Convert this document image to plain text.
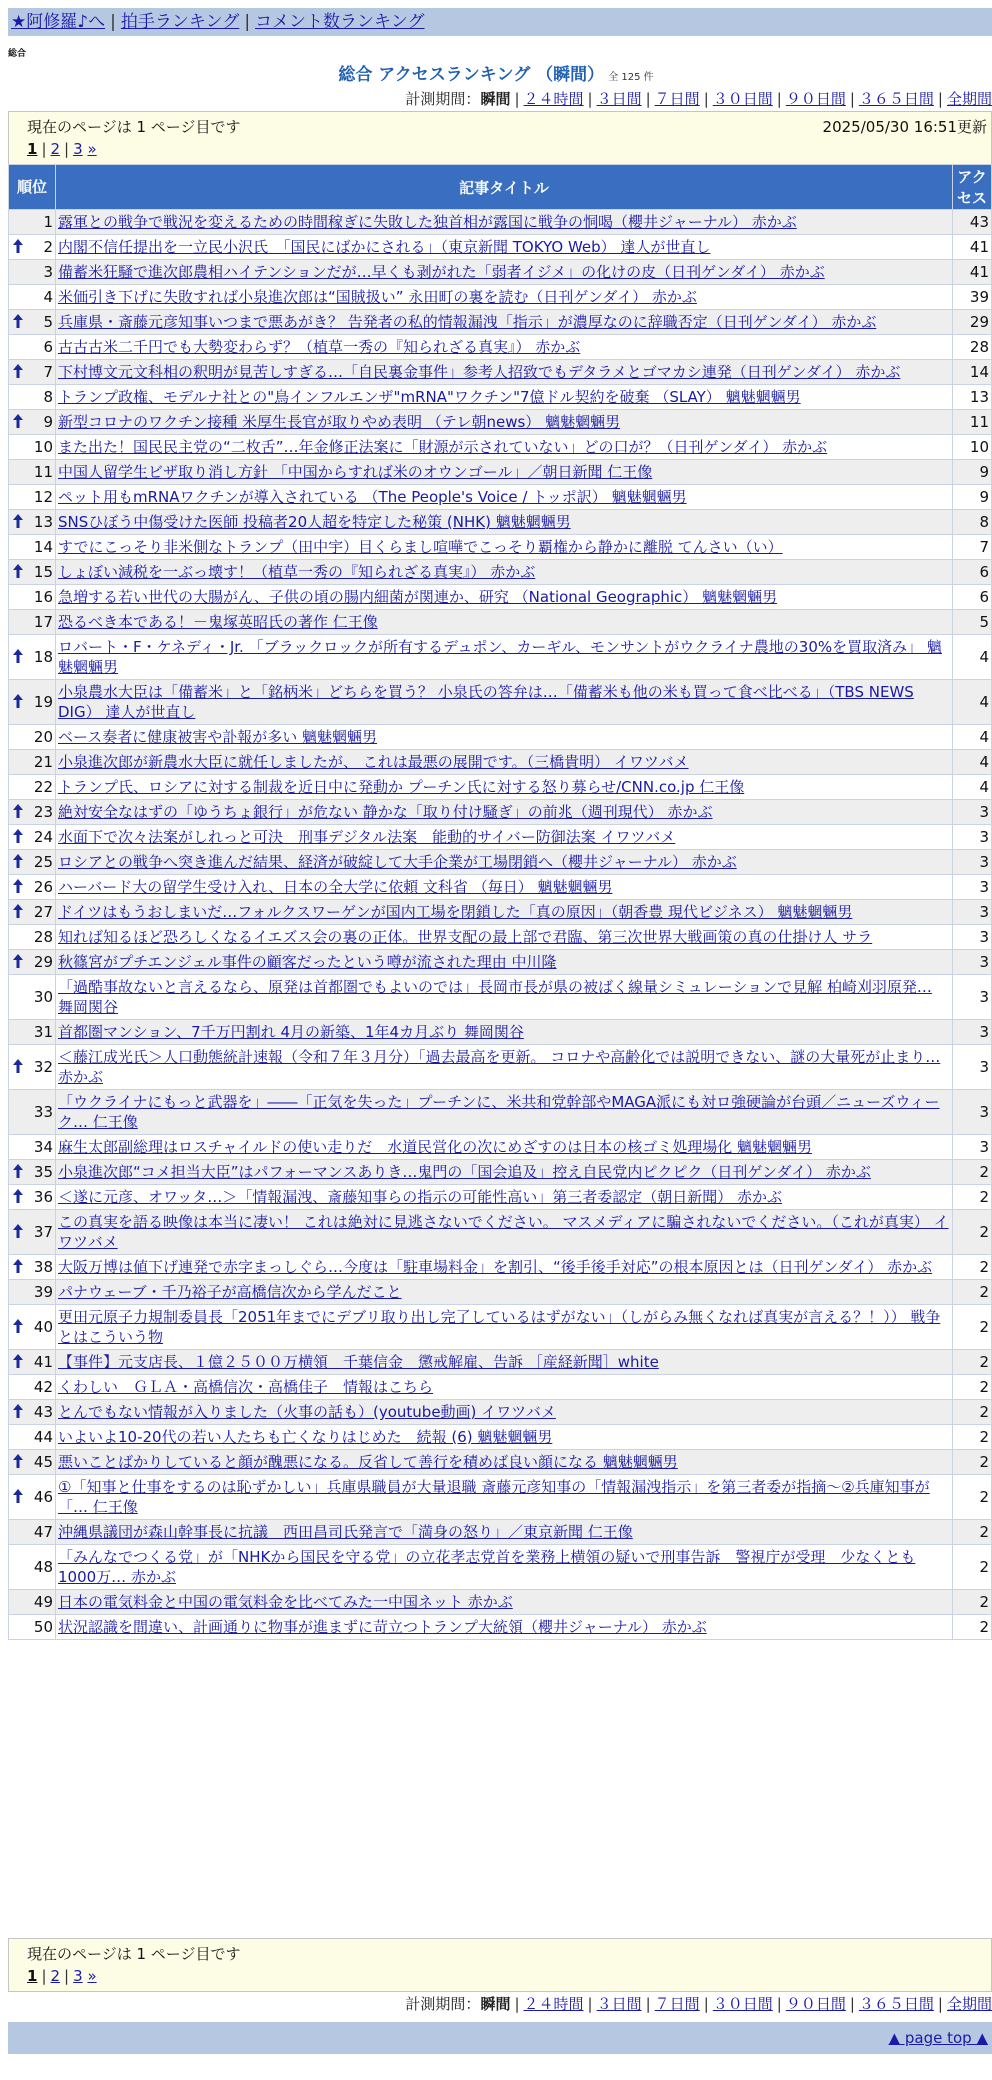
★阿修羅♪へ | 拍手ランキング | コメント数ランキング
総合
総合 アクセスランキング （瞬間） 全 125 件
計測期間：瞬間 | ２４時間 | ３日間 | ７日間 | ３０日間 | ９０日間 | ３６５日間 | 全期間
現在のページは 1 ページ目です	2025/05/30 16:51更新
1 | 2 | 3 »
順位	記事タイトル	アクセス
1	露軍との戦争で戦況を変えるための時間稼ぎに失敗した独首相が露国に戦争の恫喝（櫻井ジャーナル） 赤かぶ	43

2	内閣不信任提出を一立民小沢氏　「国民にばかにされる」（東京新聞 TOKYO Web） 達人が世直し	41
3	備蓄米狂騒で進次郎農相ハイテンションだが…早くも剥がれた「弱者イジメ」の化けの皮（日刊ゲンダイ） 赤かぶ	41
4	米価引き下げに失敗すれば小泉進次郎は“国賊扱い” 永田町の裏を読む（日刊ゲンダイ） 赤かぶ	39

5	兵庫県・斎藤元彦知事いつまで悪あがき？ 告発者の私的情報漏洩「指示」が濃厚なのに辞職否定（日刊ゲンダイ） 赤かぶ	29
6	古古古米二千円でも大勢変わらず？（植草一秀の『知られざる真実』） 赤かぶ	28

7	下村博文元文科相の釈明が見苦しすぎる…「自民裏金事件」参考人招致でもデタラメとゴマカシ連発（日刊ゲンダイ） 赤かぶ	14
8	トランプ政権、モデルナ社との"鳥インフルエンザ"mRNA"ワクチン"7億ドル契約を破棄 （SLAY） 魑魅魍魎男	13

9	新型コロナのワクチン接種 米厚生長官が取りやめ表明 （テレ朝news） 魑魅魍魎男	11
10	また出た！国民民主党の“二枚舌”…年金修正法案に「財源が示されていない」どの口が？（日刊ゲンダイ） 赤かぶ	10
11	中国人留学生ビザ取り消し方針 「中国からすれば米のオウンゴール」／朝日新聞 仁王像	9
12	ペット用もmRNAワクチンが導入されている （The People's Voice / トッポ訳） 魑魅魍魎男	9

13	SNSひぼう中傷受けた医師 投稿者20人超を特定した秘策 (NHK) 魑魅魍魎男	8
14	すでにこっそり非米側なトランプ（田中宇）目くらまし喧嘩でこっそり覇権から静かに離脱 てんさい（い）	7

15	しょぼい減税を一ぶっ壊す！（植草一秀の『知られざる真実』） 赤かぶ	6
16	急増する若い世代の大腸がん、子供の頃の腸内細菌が関連か、研究 （National Geographic） 魑魅魍魎男	6
17	恐るべき本である！－鬼塚英昭氏の著作 仁王像	5

18	ロバート・F・ケネディ・Jr. 「ブラックロックが所有するデュポン、カーギル、モンサントがウクライナ農地の30%を買取済み」 魑魅魍魎男	4

19	小泉農水大臣は「備蓄米」と「銘柄米」どちらを買う？ 小泉氏の答弁は…「備蓄米も他の米も買って食べ比べる」（TBS NEWS DIG） 達人が世直し	4
20	ベース奏者に健康被害や訃報が多い 魑魅魍魎男	4
21	小泉進次郎が新農水大臣に就任しましたが、 これは最悪の展開です。（三橋貴明） イワツバメ	4
22	トランプ氏、ロシアに対する制裁を近日中に発動か プーチン氏に対する怒り募らせ/CNN.co.jp 仁王像	4

23	絶対安全なはずの「ゆうちょ銀行」が危ない 静かな「取り付け騒ぎ」の前兆（週刊現代） 赤かぶ	3

24	水面下で次々法案がしれっと可決　刑事デジタル法案　能動的サイバー防御法案 イワツバメ	3

25	ロシアとの戦争へ突き進んだ結果、経済が破綻して大手企業が工場閉鎖へ（櫻井ジャーナル） 赤かぶ	3

26	ハーバード大の留学生受け入れ、日本の全大学に依頼 文科省 （毎日） 魑魅魍魎男	3

27	ドイツはもうおしまいだ…フォルクスワーゲンが国内工場を閉鎖した「真の原因」（朝香豊 現代ビジネス） 魑魅魍魎男	3
28	知れば知るほど恐ろしくなるイエズス会の裏の正体。世界支配の最上部で君臨、第三次世界大戦画策の真の仕掛け人 サラ	3

29	秋篠宮がプチエンジェル事件の顧客だったという噂が流された理由 中川隆	3
30	「過酷事故ないと言えるなら、原発は首都圏でもよいのでは」長岡市長が県の被ばく線量シミュレーションで見解 柏崎刈羽原発… 舞岡関谷	3
31	首都圏マンション、7千万円割れ 4月の新築、1年4カ月ぶり 舞岡関谷	3

32	＜藤江成光氏＞人口動態統計速報（令和７年３月分）「過去最高を更新。 コロナや高齢化では説明できない、謎の大量死が止まり… 赤かぶ	3
33	「ウクライナにもっと武器を」――「正気を失った」プーチンに、米共和党幹部やMAGA派にも対ロ強硬論が台頭／ニューズウィーク… 仁王像	3
34	麻生太郎副総理はロスチャイルドの使い走りだ　水道民営化の次にめざすのは日本の核ゴミ処理場化 魑魅魍魎男	3

35	小泉進次郎“コメ担当大臣”はパフォーマンスありき…鬼門の「国会追及」控え自民党内ピクピク（日刊ゲンダイ） 赤かぶ	2

36	＜遂に元彦、オワッタ…＞「情報漏洩、斎藤知事らの指示の可能性高い」第三者委認定（朝日新聞） 赤かぶ	2

37	この真実を語る映像は本当に凄い！ これは絶対に見逃さないでください。 マスメディアに騙されないでください。（これが真実） イワツバメ	2

38	大阪万博は値下げ連発で赤字まっしぐら…今度は「駐車場料金」を割引、“後手後手対応”の根本原因とは（日刊ゲンダイ） 赤かぶ	2
39	パナウェーブ・千乃裕子が高橋信次から学んだこと	2

40	更田元原子力規制委員長「2051年までにデブリ取り出し完了しているはずがない」（しがらみ無くなれば真実が言える？！）） 戦争とはこういう物	2

41	【事件】元支店長、１億２５００万横領　千葉信金　懲戒解雇、告訴 ［産経新聞］white	2
42	くわしい　ＧＬＡ・高橋信次・高橋佳子　情報はこちら	2

43	とんでもない情報が入りました（火事の話も）(youtube動画) イワツバメ	2
44	いよいよ10-20代の若い人たちも亡くなりはじめた　続報 (6) 魑魅魍魎男	2

45	悪いことばかりしていると顔が醜悪になる。反省して善行を積めば良い顔になる 魑魅魍魎男	2

46	①「知事と仕事をするのは恥ずかしい」兵庫県職員が大量退職 斎藤元彦知事の「情報漏洩指示」を第三者委が指摘～②兵庫知事が「… 仁王像	2
47	沖縄県議団が森山幹事長に抗議　西田昌司氏発言で「満身の怒り」／東京新聞 仁王像	2
48	「みんなでつくる党」が「NHKから国民を守る党」の立花孝志党首を業務上横領の疑いで刑事告訴　警視庁が受理　少なくとも1000万… 赤かぶ	2
49	日本の電気料金と中国の電気料金を比べてみた一中国ネット 赤かぶ	2
50	状況認識を間違い、計画通りに物事が進まずに苛立つトランプ大統領（櫻井ジャーナル） 赤かぶ	2
現在のページは 1 ページ目です
1 | 2 | 3 »
計測期間：瞬間 | ２４時間 | ３日間 | ７日間 | ３０日間 | ９０日間 | ３６５日間 | 全期間
▲ page top ▲
